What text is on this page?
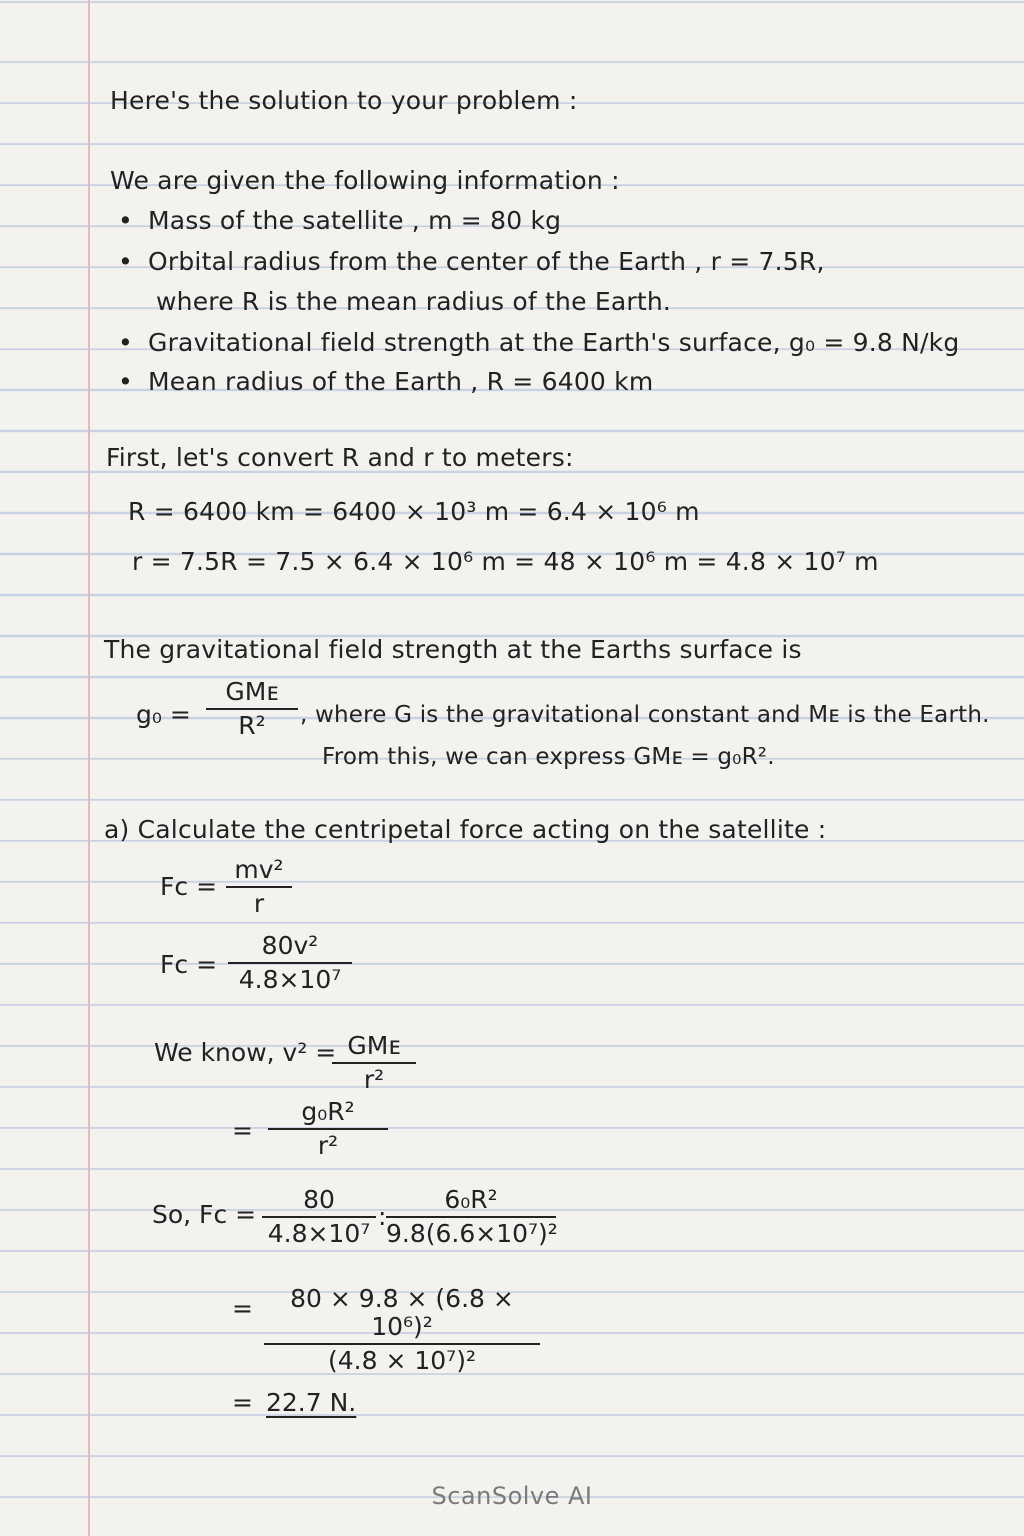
Here's the solution to your problem :
We are given the following information :
• Mass of the satellite , m = 80 kg
• Orbital radius from the center of the Earth , r = 7.5R,
where R is the mean radius of the Earth.
• Gravitational field strength at the Earth's surface, g₀ = 9.8 N/kg
• Mean radius of the Earth , R = 6400 km
First, let's convert R and r to meters:
R = 6400 km = 6400 × 10³ m = 6.4 × 10⁶ m
r = 7.5R = 7.5 × 6.4 × 10⁶ m = 48 × 10⁶ m = 4.8 × 10⁷ m
The gravitational field strength at the Earths surface is
g₀ =
GMᴇ
R²	, where G is the gravitational constant and Mᴇ is the Earth.
From this, we can express GMᴇ = g₀R².
a) Calculate the centripetal force acting on the satellite :
$Fc = \frac{\text{mv²}}{r}$
$Fc = \frac{\text{80v²}}{\text{4.8×10⁷}}$
We know, v² = GMᴇ
r²
= $\frac{\text{g₀R²}}{\text{r²}}$
So, $Fc = \frac{80}{\text{4.8×10⁷}}$ : $\frac{\text{6₀R²}}{\text{9.8(6.6×10⁷)²}}$
= $\frac{\text{80 × 9.8 × (6.8 × 10⁶)²}}{\text{(4.8 × 10⁷)²}}$
= 22.7 N.
ScanSolve AI
